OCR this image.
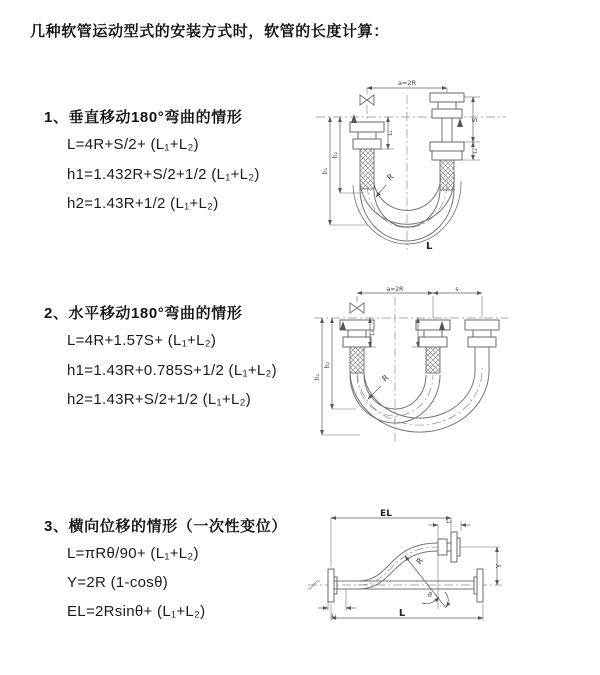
几种软管运动型式的安装方式时，软管的长度计算：
1、垂直移动180°弯曲的情形
L=4R+S/2+ (L₁+L₂)
h1=1.432R+S/2+1/2 (L₁+L₂)
h2=1.43R+1/2 (L₁+L₂)
2、水平移动180°弯曲的情形
L=4R+1.57S+ (L₁+L₂)
h1=1.43R+0.785S+1/2 (L₁+L₂)
h2=1.43R+S/2+1/2 (L₁+L₂)
3、横向位移的情形（一次性变位）
L=πRθ/90+ (L₁+L₂)
Y=2R (1-cosθ)
EL=2Rsinθ+ (L₁+L₂)
a=2R
L
S
L₁
L₁
h₁
h₂
R
a=2R	s
h₁
h₂
L₁
R
EL
L₂
R
θ
Y
L₁	L
